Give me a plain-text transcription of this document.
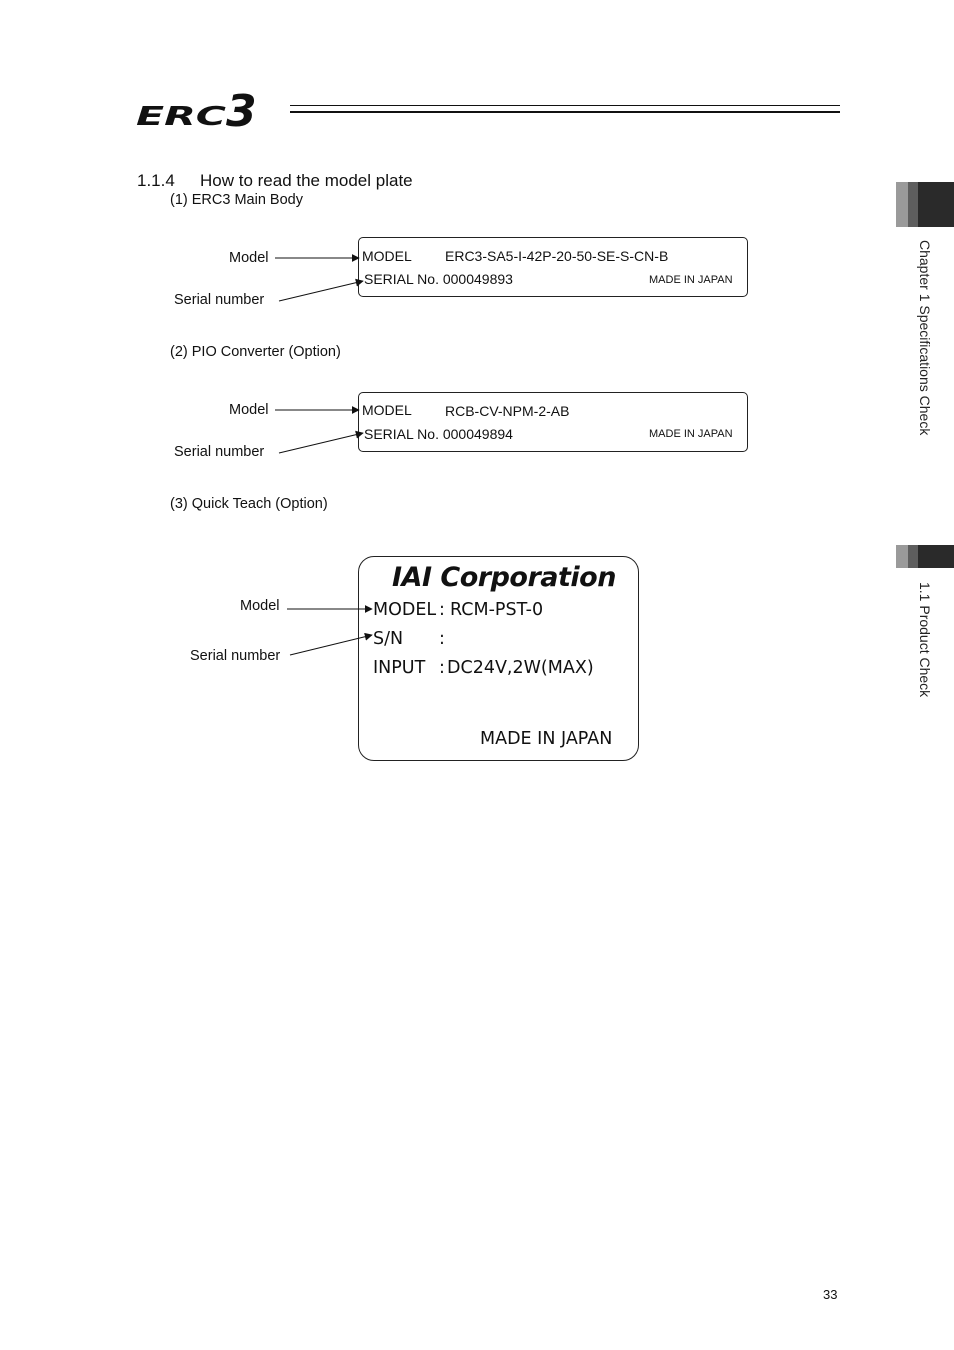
ERC 3
1.1.4 How to read the model plate
(1) ERC3 Main Body
Model
Serial number
MODEL ERC3-SA5-I-42P-20-50-SE-S-CN-B
SERIAL No. 000049893	MADE IN JAPAN
(2) PIO Converter (Option)
Model
Serial number
MODEL RCB-CV-NPM-2-AB
SERIAL No. 000049894	MADE IN JAPAN
(3) Quick Teach (Option)
Model
Serial number
IAI Corporation
MODEL : RCM-PST-0
S/N :
INPUT : DC24V,2W(MAX)
MADE IN JAPAN
Chapter 1 Specifications Check
1.1 Product Check
33
